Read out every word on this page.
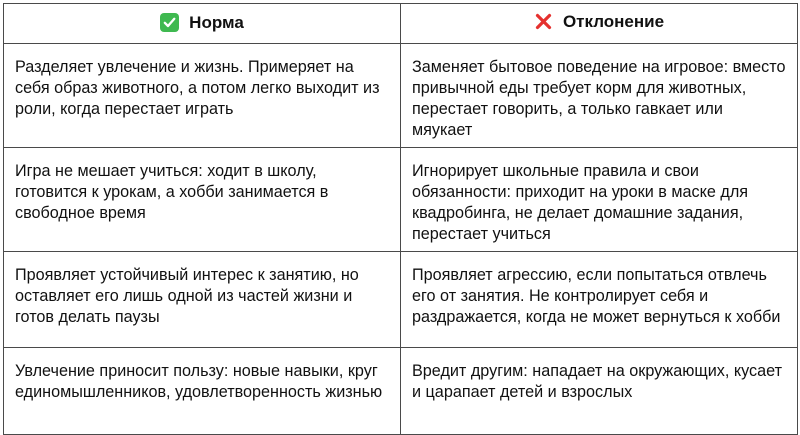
Норма	Отклонение

Разделяет увлечение и жизнь. Примеряет на себя образ животного, а потом легко выходит из роли, когда перестает играть	Заменяет бытовое поведение на игровое: вместо привычной еды требует корм для животных, перестает говорить, а только гавкает или мяукает

Игра не мешает учиться: ходит в школу, готовится к урокам, а хобби занимается в свободное время	Игнорирует школьные правила и свои обязанности: приходит на уроки в маске для квадробинга, не делает домашние задания, перестает учиться

Проявляет устойчивый интерес к занятию, но оставляет его лишь одной из частей жизни и готов делать паузы	Проявляет агрессию, если попытаться отвлечь его от занятия. Не контролирует себя и раздражается, когда не может вернуться к хобби

Увлечение приносит пользу: новые навыки, круг единомышленников, удовлетворенность жизнью	Вредит другим: нападает на окружающих, кусает и царапает детей и взрослых
